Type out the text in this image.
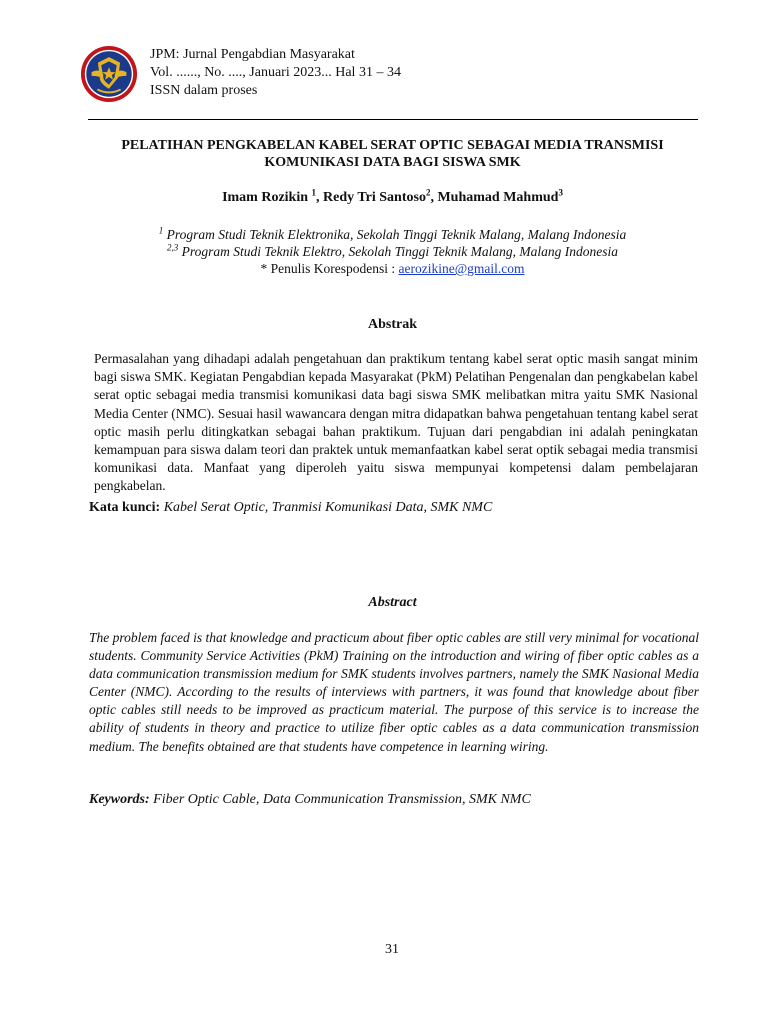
JPM: Jurnal Pengabdian Masyarakat
Vol. ......, No. ...., Januari 2023... Hal 31 – 34
ISSN dalam proses
PELATIHAN PENGKABELAN KABEL SERAT OPTIC SEBAGAI MEDIA TRANSMISI KOMUNIKASI DATA BAGI SISWA SMK
Imam Rozikin $^1$, Redy Tri Santoso$^2$, Muhamad Mahmud$^3$
$^1$ Program Studi Teknik Elektronika, Sekolah Tinggi Teknik Malang, Malang Indonesia
$^{2,3}$ Program Studi Teknik Elektro, Sekolah Tinggi Teknik Malang, Malang Indonesia
* Penulis Korespodensi : aerozikine@gmail.com
Abstrak
Permasalahan yang dihadapi adalah pengetahuan dan praktikum tentang kabel serat optic masih sangat minim bagi siswa SMK. Kegiatan Pengabdian kepada Masyarakat (PkM) Pelatihan Pengenalan dan pengkabelan kabel serat optic sebagai media transmisi komunikasi data bagi siswa SMK melibatkan mitra yaitu SMK Nasional Media Center (NMC). Sesuai hasil wawancara dengan mitra didapatkan bahwa pengetahuan tentang kabel serat optic masih perlu ditingkatkan sebagai bahan praktikum. Tujuan dari pengabdian ini adalah peningkatan kemampuan para siswa dalam teori dan praktek untuk memanfaatkan kabel serat optik sebagai media transmisi komunikasi data. Manfaat yang diperoleh yaitu siswa mempunyai kompetensi dalam pembelajaran pengkabelan.
Kata kunci: Kabel Serat Optic, Tranmisi Komunikasi Data, SMK NMC
Abstract
The problem faced is that knowledge and practicum about fiber optic cables are still very minimal for vocational students. Community Service Activities (PkM) Training on the introduction and wiring of fiber optic cables as a data communication transmission medium for SMK students involves partners, namely the SMK Nasional Media Center (NMC). According to the results of interviews with partners, it was found that knowledge about fiber optic cables still needs to be improved as practicum material. The purpose of this service is to increase the ability of students in theory and practice to utilize fiber optic cables as a data communication transmission medium. The benefits obtained are that students have competence in learning wiring.
Keywords: Fiber Optic Cable, Data Communication Transmission, SMK NMC
31
